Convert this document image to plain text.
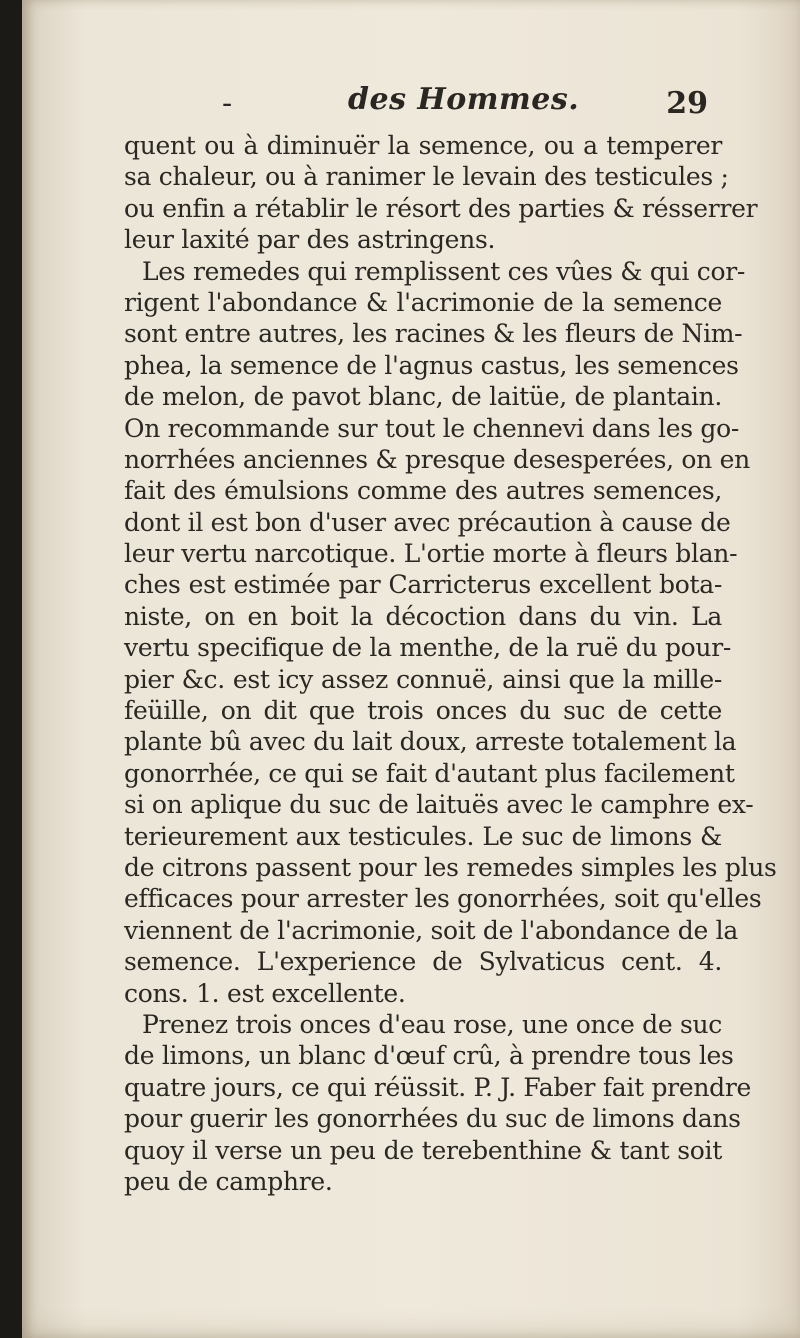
-	des Hommes.	29
quent ou à diminuër la semence, ou a temperer
sa chaleur, ou à ranimer le levain des testicules ;
ou enfin a rétablir le résort des parties & résserrer
leur laxité par des astringens.
Les remedes qui remplissent ces vûes & qui cor-
rigent l'abondance & l'acrimonie de la semence
sont entre autres, les racines & les fleurs de Nim-
phea, la semence de l'agnus castus, les semences
de melon, de pavot blanc, de laitüe, de plantain.
On recommande sur tout le chennevi dans les go-
norrhées anciennes & presque desesperées, on en
fait des émulsions comme des autres semences,
dont il est bon d'user avec précaution à cause de
leur vertu narcotique. L'ortie morte à fleurs blan-
ches est estimée par Carricterus excellent bota-
niste, on en boit la décoction dans du vin. La
vertu specifique de la menthe, de la ruë du pour-
pier &c. est icy assez connuë, ainsi que la mille-
feüille, on dit que trois onces du suc de cette
plante bû avec du lait doux, arreste totalement la
gonorrhée, ce qui se fait d'autant plus facilement
si on aplique du suc de laituës avec le camphre ex-
terieurement aux testicules. Le suc de limons &
de citrons passent pour les remedes simples les plus
efficaces pour arrester les gonorrhées, soit qu'elles
viennent de l'acrimonie, soit de l'abondance de la
semence. L'experience de Sylvaticus cent. 4.
cons. 1. est excellente.
Prenez trois onces d'eau rose, une once de suc
de limons, un blanc d'œuf crû, à prendre tous les
quatre jours, ce qui réüssit. P. J. Faber fait prendre
pour guerir les gonorrhées du suc de limons dans
quoy il verse un peu de terebenthine & tant soit
peu de camphre.
